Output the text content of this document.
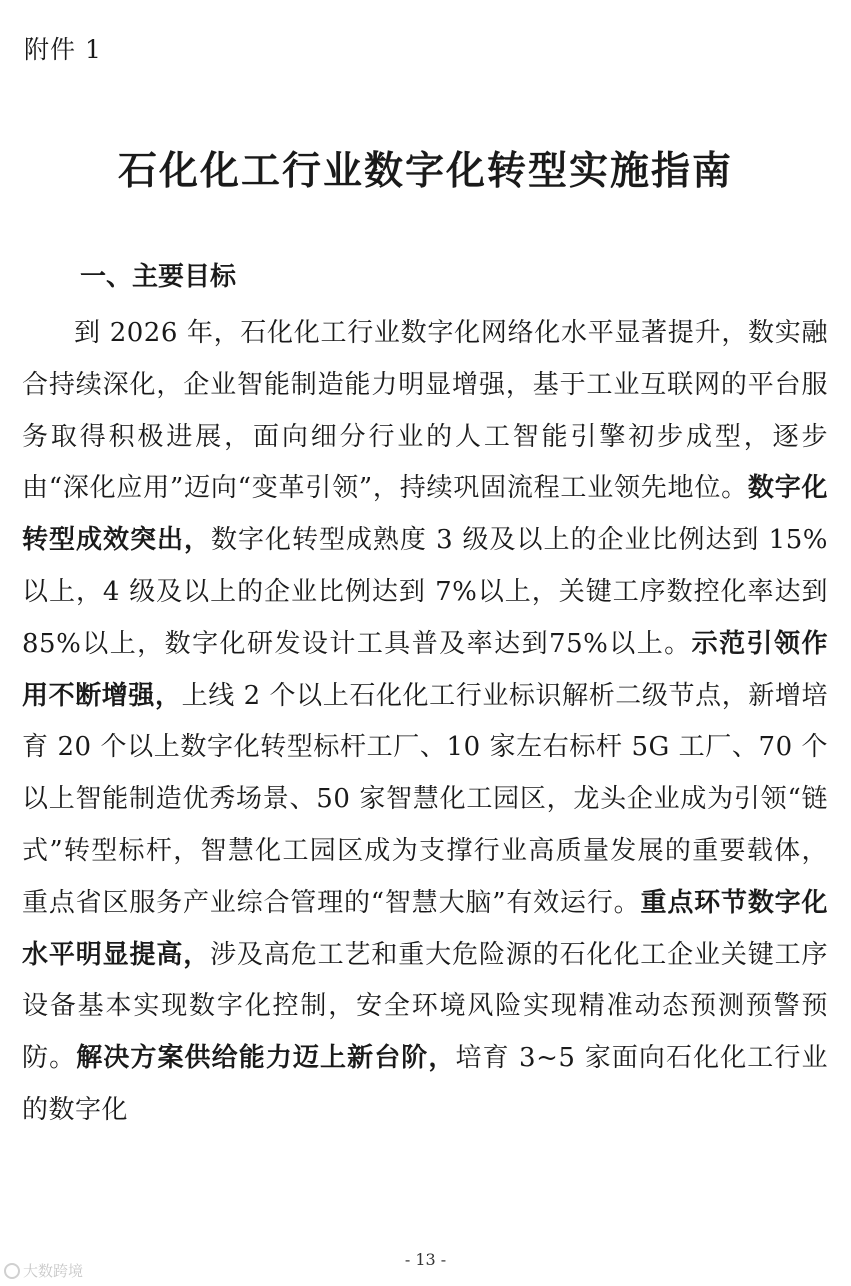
附件 1
石化化工行业数字化转型实施指南
一、主要目标
到 2026 年，石化化工行业数字化网络化水平显著提升，数实融合持续深化，企业智能制造能力明显增强，基于工业互联网的平台服务取得积极进展，面向细分行业的人工智能引擎初步成型，逐步由“深化应用”迈向“变革引领”，持续巩固流程工业领先地位。数字化转型成效突出，数字化转型成熟度 3 级及以上的企业比例达到 15%以上，4 级及以上的企业比例达到 7%以上，关键工序数控化率达到 85%以上，数字化研发设计工具普及率达到75%以上。示范引领作用不断增强，上线 2 个以上石化化工行业标识解析二级节点，新增培育 20 个以上数字化转型标杆工厂、10 家左右标杆 5G 工厂、70 个以上智能制造优秀场景、50 家智慧化工园区，龙头企业成为引领“链式”转型标杆，智慧化工园区成为支撑行业高质量发展的重要载体，重点省区服务产业综合管理的“智慧大脑”有效运行。重点环节数字化水平明显提高，涉及高危工艺和重大危险源的石化化工企业关键工序设备基本实现数字化控制，安全环境风险实现精准动态预测预警预防。解决方案供给能力迈上新台阶，培育 3~5 家面向石化化工行业的数字化
- 13 -
大数跨境
